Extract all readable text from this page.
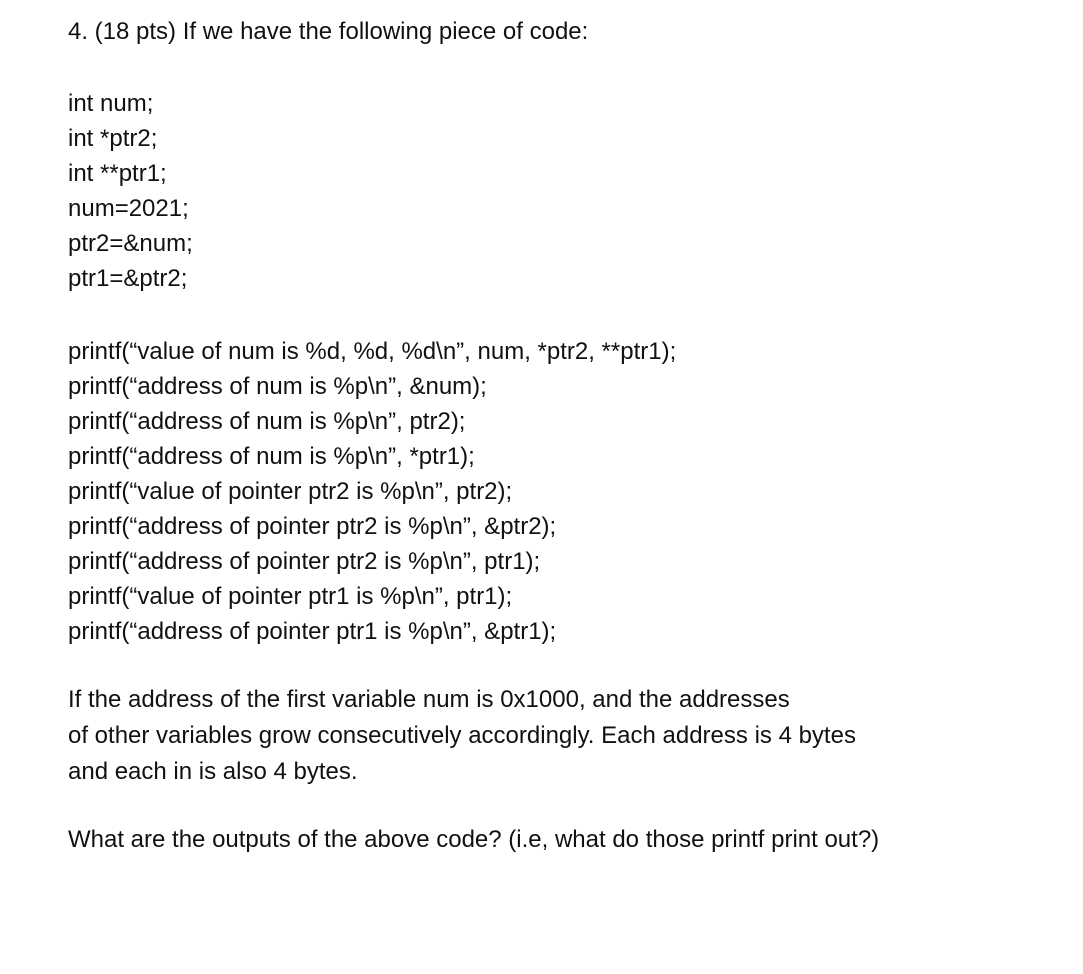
4. (18 pts) If we have the following piece of code:
int num;
int *ptr2;
int **ptr1;
num=2021;
ptr2=&num;
ptr1=&ptr2;
printf(“value of num is %d, %d, %d\n”, num, *ptr2, **ptr1);
printf(“address of num is %p\n”, &num);
printf(“address of num is %p\n”, ptr2);
printf(“address of num is %p\n”, *ptr1);
printf(“value of pointer ptr2 is %p\n”, ptr2);
printf(“address of pointer ptr2 is %p\n”, &ptr2);
printf(“address of pointer ptr2 is %p\n”, ptr1);
printf(“value of pointer ptr1 is %p\n”, ptr1);
printf(“address of pointer ptr1 is %p\n”, &ptr1);
If the address of the first variable num is 0x1000, and the addresses
of other variables grow consecutively accordingly. Each address is 4 bytes
and each in is also 4 bytes.
What are the outputs of the above code? (i.e, what do those printf print out?)
